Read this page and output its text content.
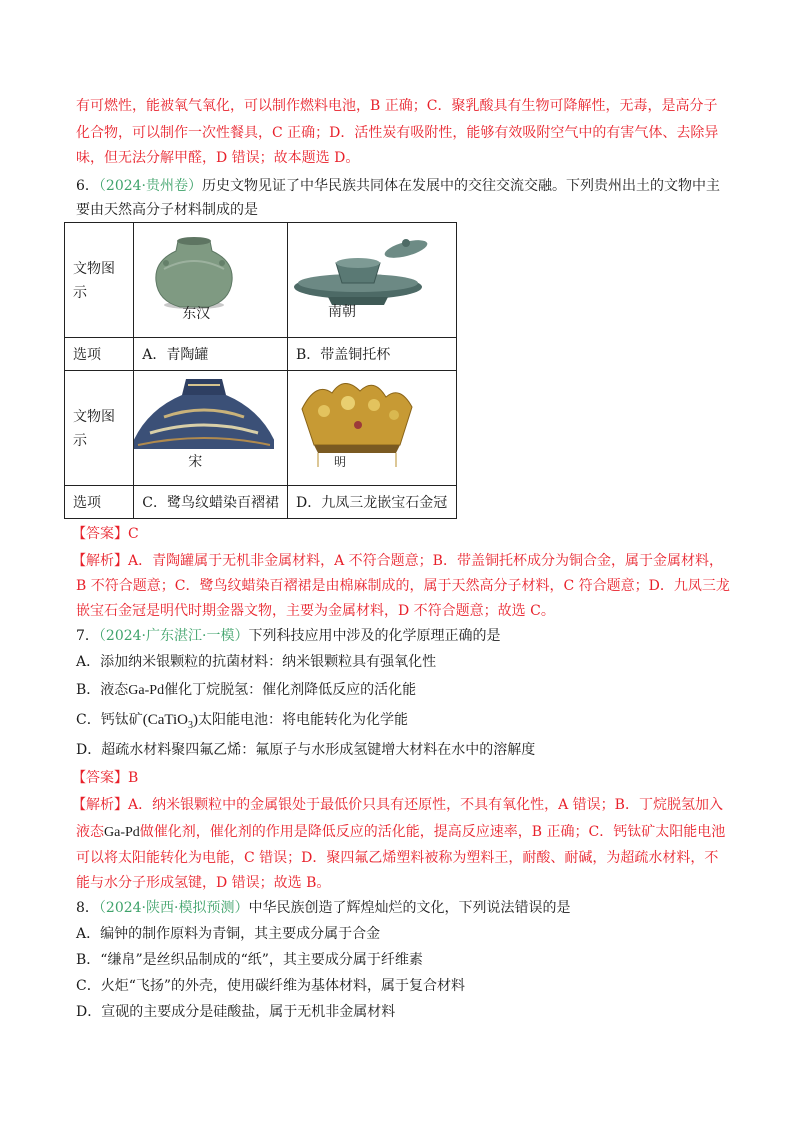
有可燃性，能被氧气氧化，可以制作燃料电池，B 正确；C．聚乳酸具有生物可降解性，无毒，是高分子
化合物，可以制作一次性餐具，C 正确；D．活性炭有吸附性，能够有效吸附空气中的有害气体、去除异
味，但无法分解甲醛，D 错误；故本题选 D。
6．（2024·贵州卷）历史文物见证了中华民族共同体在发展中的交往交流交融。下列贵州出土的文物中主
要由天然高分子材料制成的是
文物图
示	东汉	南朝

选项	A．青陶罐	B．带盖铜托杯

文物图
示	宋	明

选项	C．鹭鸟纹蜡染百褶裙	D．九凤三龙嵌宝石金冠
【答案】C
【解析】A．青陶罐属于无机非金属材料，A 不符合题意；B．带盖铜托杯成分为铜合金，属于金属材料，
B 不符合题意；C．鹭鸟纹蜡染百褶裙是由棉麻制成的，属于天然高分子材料，C 符合题意；D．九凤三龙
嵌宝石金冠是明代时期金器文物，主要为金属材料，D 不符合题意；故选 C。
7．（2024·广东湛江·一模）下列科技应用中涉及的化学原理正确的是
A．添加纳米银颗粒的抗菌材料：纳米银颗粒具有强氧化性
B．液态Ga-Pd催化丁烷脱氢：催化剂降低反应的活化能
C．钙钛矿(CaTiO$_3$)太阳能电池：将电能转化为化学能
D．超疏水材料聚四氟乙烯：氟原子与水形成氢键增大材料在水中的溶解度
【答案】B
【解析】A．纳米银颗粒中的金属银处于最低价只具有还原性，不具有氧化性，A 错误；B．丁烷脱氢加入
液态Ga-Pd做催化剂，催化剂的作用是降低反应的活化能，提高反应速率，B 正确；C．钙钛矿太阳能电池
可以将太阳能转化为电能，C 错误；D．聚四氟乙烯塑料被称为塑料王，耐酸、耐碱，为超疏水材料，不
能与水分子形成氢键，D 错误；故选 B。
8．（2024·陕西·模拟预测）中华民族创造了辉煌灿烂的文化，下列说法错误的是
A．编钟的制作原料为青铜，其主要成分属于合金
B．“缣帛”是丝织品制成的“纸”，其主要成分属于纤维素
C．火炬“飞扬”的外壳，使用碳纤维为基体材料，属于复合材料
D．宣砚的主要成分是硅酸盐，属于无机非金属材料
